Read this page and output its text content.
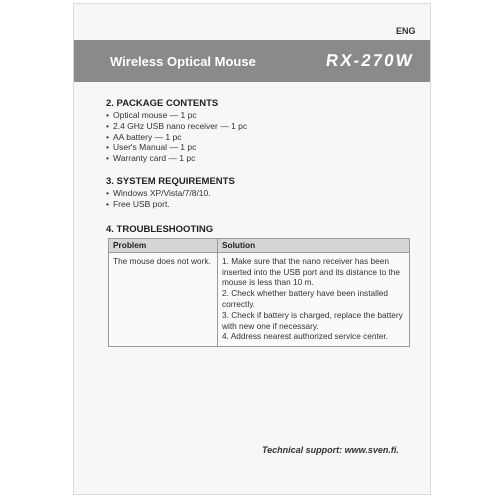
ENG
Wireless Optical Mouse	RX-270W
2. PACKAGE CONTENTS
• Optical mouse — 1 pc
• 2.4 GHz USB nano receiver — 1 pc
• AA battery — 1 pc
• User's Manual — 1 pc
• Warranty card — 1 pc
3. SYSTEM REQUIREMENTS
• Windows XP/Vista/7/8/10.
• Free USB port.
4. TROUBLESHOOTING
Problem	Solution
The mouse does not work.	1. Make sure that the nano receiver has been inserted into the USB port and its distance to the mouse is less than 10 m.

2. Check whether battery have been installed correctly.

3. Check if battery is charged, replace the battery with new one if necessary.

4. Address nearest authorized service center.

Technical support: www.sven.fi.
